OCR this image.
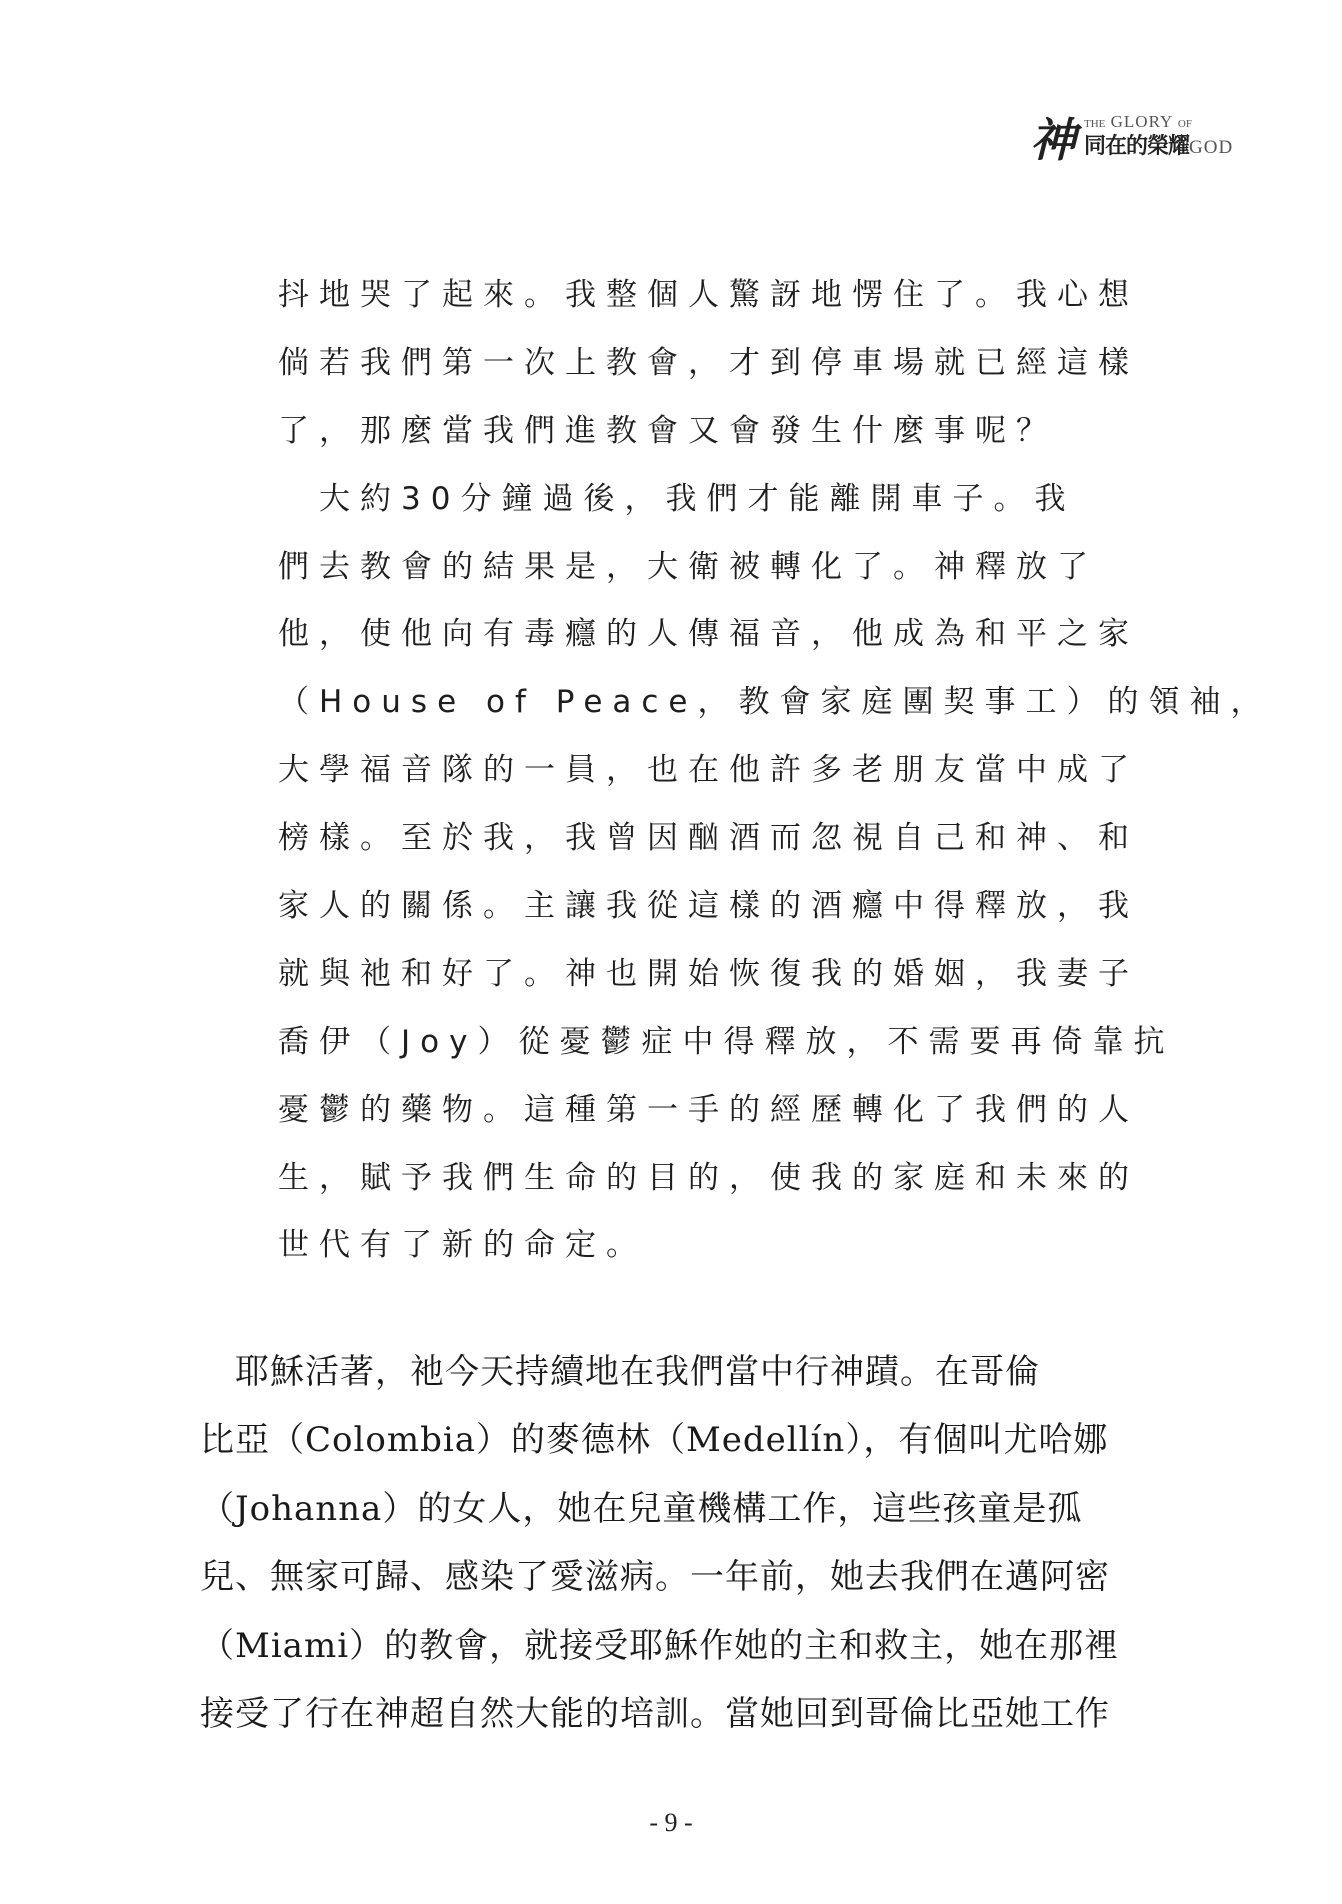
神 THE GLORY OF
同在的榮耀GOD
抖地哭了起來。我整個人驚訝地愣住了。我心想
倘若我們第一次上教會，才到停車場就已經這樣
了，那麼當我們進教會又會發生什麼事呢？
　大約30分鐘過後，我們才能離開車子。我
們去教會的結果是，大衛被轉化了。神釋放了
他，使他向有毒癮的人傳福音，他成為和平之家
（House of Peace，教會家庭團契事工）的領袖，
大學福音隊的一員，也在他許多老朋友當中成了
榜樣。至於我，我曾因酗酒而忽視自己和神、和
家人的關係。主讓我從這樣的酒癮中得釋放，我
就與祂和好了。神也開始恢復我的婚姻，我妻子
喬伊（Joy）從憂鬱症中得釋放，不需要再倚靠抗
憂鬱的藥物。這種第一手的經歷轉化了我們的人
生，賦予我們生命的目的，使我的家庭和未來的
世代有了新的命定。
　耶穌活著，祂今天持續地在我們當中行神蹟。在哥倫
比亞（Colombia）的麥德林（Medellín），有個叫尤哈娜
（Johanna）的女人，她在兒童機構工作，這些孩童是孤
兒、無家可歸、感染了愛滋病。一年前，她去我們在邁阿密
（Miami）的教會，就接受耶穌作她的主和救主，她在那裡
接受了行在神超自然大能的培訓。當她回到哥倫比亞她工作
- 9 -
